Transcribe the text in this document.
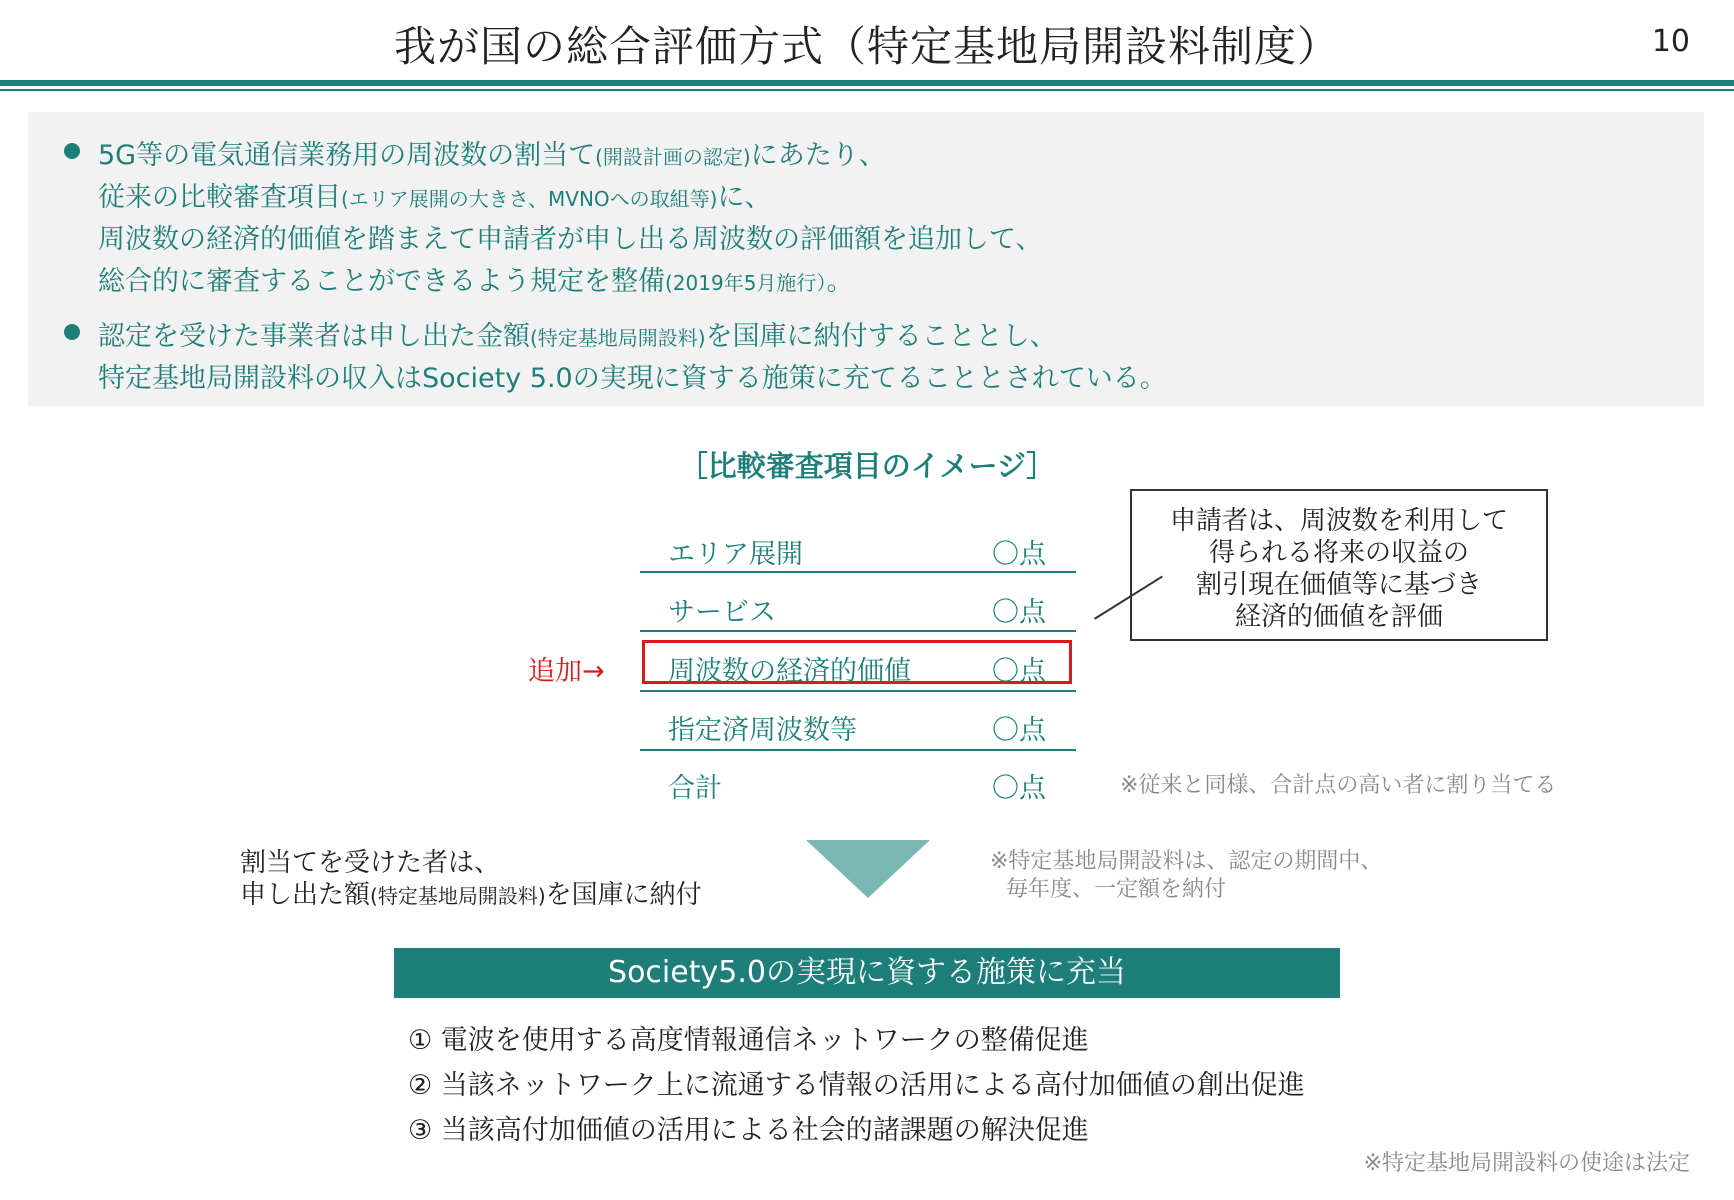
我が国の総合評価方式（特定基地局開設料制度）	10
5G等の電気通信業務用の周波数の割当て(開設計画の認定)にあたり、
従来の比較審査項目(エリア展開の大きさ、MVNOへの取組等)に、
周波数の経済的価値を踏まえて申請者が申し出る周波数の評価額を追加して、
総合的に審査することができるよう規定を整備(2019年5月施行）。
認定を受けた事業者は申し出た金額(特定基地局開設料)を国庫に納付することとし、
特定基地局開設料の収入はSociety 5.0の実現に資する施策に充てることとされている。
［比較審査項目のイメージ］
エリア展開	〇点
サービス	〇点
追加→ 周波数の経済的価値	〇点
指定済周波数等	〇点
合計	〇点
申請者は、周波数を利用して
得られる将来の収益の
割引現在価値等に基づき
経済的価値を評価
※従来と同様、合計点の高い者に割り当てる
割当てを受けた者は、
申し出た額(特定基地局開設料)を国庫に納付
※特定基地局開設料は、認定の期間中、
毎年度、一定額を納付
Society5.0の実現に資する施策に充当
① 電波を使用する高度情報通信ネットワークの整備促進
② 当該ネットワーク上に流通する情報の活用による高付加価値の創出促進
③ 当該高付加価値の活用による社会的諸課題の解決促進
※特定基地局開設料の使途は法定
